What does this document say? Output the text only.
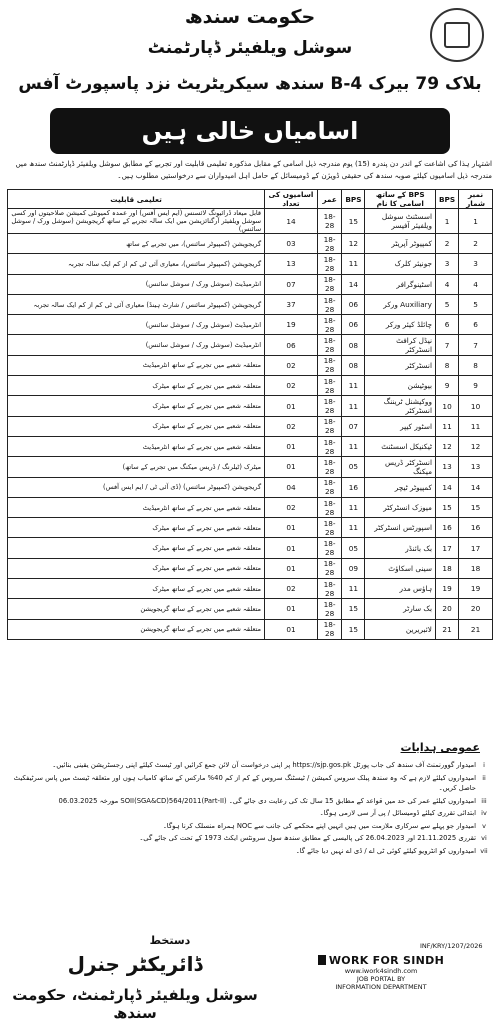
حکومت سندھ
سوشل ویلفیئر ڈپارٹمنٹ
بلاک 79 بیرک B-4 سندھ سیکریٹریٹ نزد پاسپورٹ آفس
اسامیاں خالی ہیں
اشتہار ہذا کی اشاعت کے اندر دن پندرہ (15) یوم مندرجہ ذیل اسامی کے مقابل مذکورہ تعلیمی قابلیت اور تجربے کے مطابق سوشل ویلفیئر ڈپارٹمنٹ سندھ میں مندرجہ ذیل اسامیوں کیلئے صوبہ سندھ کی حقیقی ڈویژن کے ڈومیسائل کے حامل اہل امیدواران سے درخواستیں مطلوب ہیں۔
نمبر شمار	BPS	BPS کے ساتھ اسامی کا نام	BPS	عمر	اسامیوں کی تعداد	تعلیمی قابلیت
1	1	اسسٹنٹ سوشل ویلفیئر آفیسر	15	18-28	14	قابل میعاد ڈرائیونگ لائسنس (ایم ایس آفس) اور عمدہ کمیونٹی کمیشن صلاحیتوں اور کسی سوشل ویلفیئر آرگنائزیشن میں ایک سالہ تجربے کے ساتھ گریجویشن (سوشل ورک / سوشل سائنس)
2	2	کمپیوٹر آپریٹر	12	18-28	03	گریجویشن (کمپیوٹر سائنس)، میں تجربے کے ساتھ
3	3	جونیئر کلرک	11	18-28	13	گریجویشن (کمپیوٹر سائنس)، معیاری آئی ٹی کم از کم ایک سالہ تجربہ
4	4	اسٹینوگرافر	14	18-28	07	انٹرمیڈیٹ (سوشل ورک / سوشل سائنس)
5	5	Auxiliary ورکر	06	18-28	37	گریجویشن (کمپیوٹر سائنس / شارٹ ہینڈ) معیاری آئی ٹی کم از کم ایک سالہ تجربہ
6	6	چائلڈ کیئر ورکر	06	18-28	19	انٹرمیڈیٹ (سوشل ورک / سوشل سائنس)
7	7	نیڈل کرافٹ انسٹرکٹر	08	18-28	06	انٹرمیڈیٹ (سوشل ورک / سوشل سائنس)
8	8	انسٹرکٹر	08	18-28	02	متعلقہ شعبے میں تجربے کے ساتھ انٹرمیڈیٹ
9	9	بیوٹیشن	11	18-28	02	متعلقہ شعبے میں تجربے کے ساتھ میٹرک
10	10	ووکیشنل ٹریننگ انسٹرکٹر	11	18-28	01	متعلقہ شعبے میں تجربے کے ساتھ میٹرک
11	11	اسٹور کیپر	07	18-28	02	متعلقہ شعبے میں تجربے کے ساتھ میٹرک
12	12	ٹیکنیکل اسسٹنٹ	11	18-28	01	متعلقہ شعبے میں تجربے کے ساتھ انٹرمیڈیٹ
13	13	انسٹرکٹر ڈریس میکنگ	05	18-28	01	میٹرک (ٹیلرنگ / ڈریس میکنگ میں تجربے کے ساتھ)
14	14	کمپیوٹر ٹیچر	16	18-28	04	گریجویشن (کمپیوٹر سائنس) (ڈی آئی ٹی / ایم ایس آفس)
15	15	میوزک انسٹرکٹر	11	18-28	02	متعلقہ شعبے میں تجربے کے ساتھ انٹرمیڈیٹ
16	16	اسپورٹس انسٹرکٹر	11	18-28	01	متعلقہ شعبے میں تجربے کے ساتھ میٹرک
17	17	بک بائنڈر	05	18-28	01	متعلقہ شعبے میں تجربے کے ساتھ میٹرک
18	18	سینی اسکاؤٹ	09	18-28	01	متعلقہ شعبے میں تجربے کے ساتھ میٹرک
19	19	ہاؤس مدر	11	18-28	02	متعلقہ شعبے میں تجربے کے ساتھ میٹرک
20	20	بک سارٹر	15	18-28	01	متعلقہ شعبے میں تجربے کے ساتھ گریجویشن
21	21	لائبریرین	15	18-28	01	متعلقہ شعبے میں تجربے کے ساتھ گریجویشن
عمومی ہدایات
i
امیدوار گوورنمنٹ آف سندھ کی جاب پورٹل https://sjp.gos.pk پر اپنی درخواست آن لائن جمع کرائیں اور ٹیسٹ کیلئے اپنی رجسٹریشن یقینی بنائیں۔
ii
امیدواروں کیلئے لازم ہے کہ وہ سندھ پبلک سروس کمیشن / ٹیسٹنگ سروس کے کم از کم 40% مارکس کے ساتھ کامیاب ہوں اور متعلقہ ٹیسٹ میں پاس سرٹیفکیٹ حاصل کریں۔
iii
امیدواروں کیلئے عمر کی حد میں قواعد کے مطابق 15 سال تک کی رعایت دی جائے گی۔ SOII(SGA&CD)564/2011(Part-II) مورخہ 06.03.2025
iv
ابتدائی تقرری کیلئے ڈومیسائل / پی آر سی لازمی ہوگا۔
v
امیدوار جو پہلے سے سرکاری ملازمت میں ہیں انہیں اپنے محکمے کی جانب سے NOC ہمراہ منسلک کرنا ہوگا۔
vi
تقرری 21.11.2025 اور 26.04.2023 کی پالیسی کے مطابق سندھ سول سرونٹس ایکٹ 1973 کے تحت کی جائے گی۔
vii
امیدواروں کو انٹرویو کیلئے کوئی ٹی اے / ڈی اے نہیں دیا جائے گا۔
INF/KRY/1207/2026
دستخط
ڈائریکٹر جنرل
سوشل ویلفیئر ڈپارٹمنٹ، حکومت سندھ
WORK FOR SINDH
www.iwork4sindh.com
JOB PORTAL BY
INFORMATION DEPARTMENT
